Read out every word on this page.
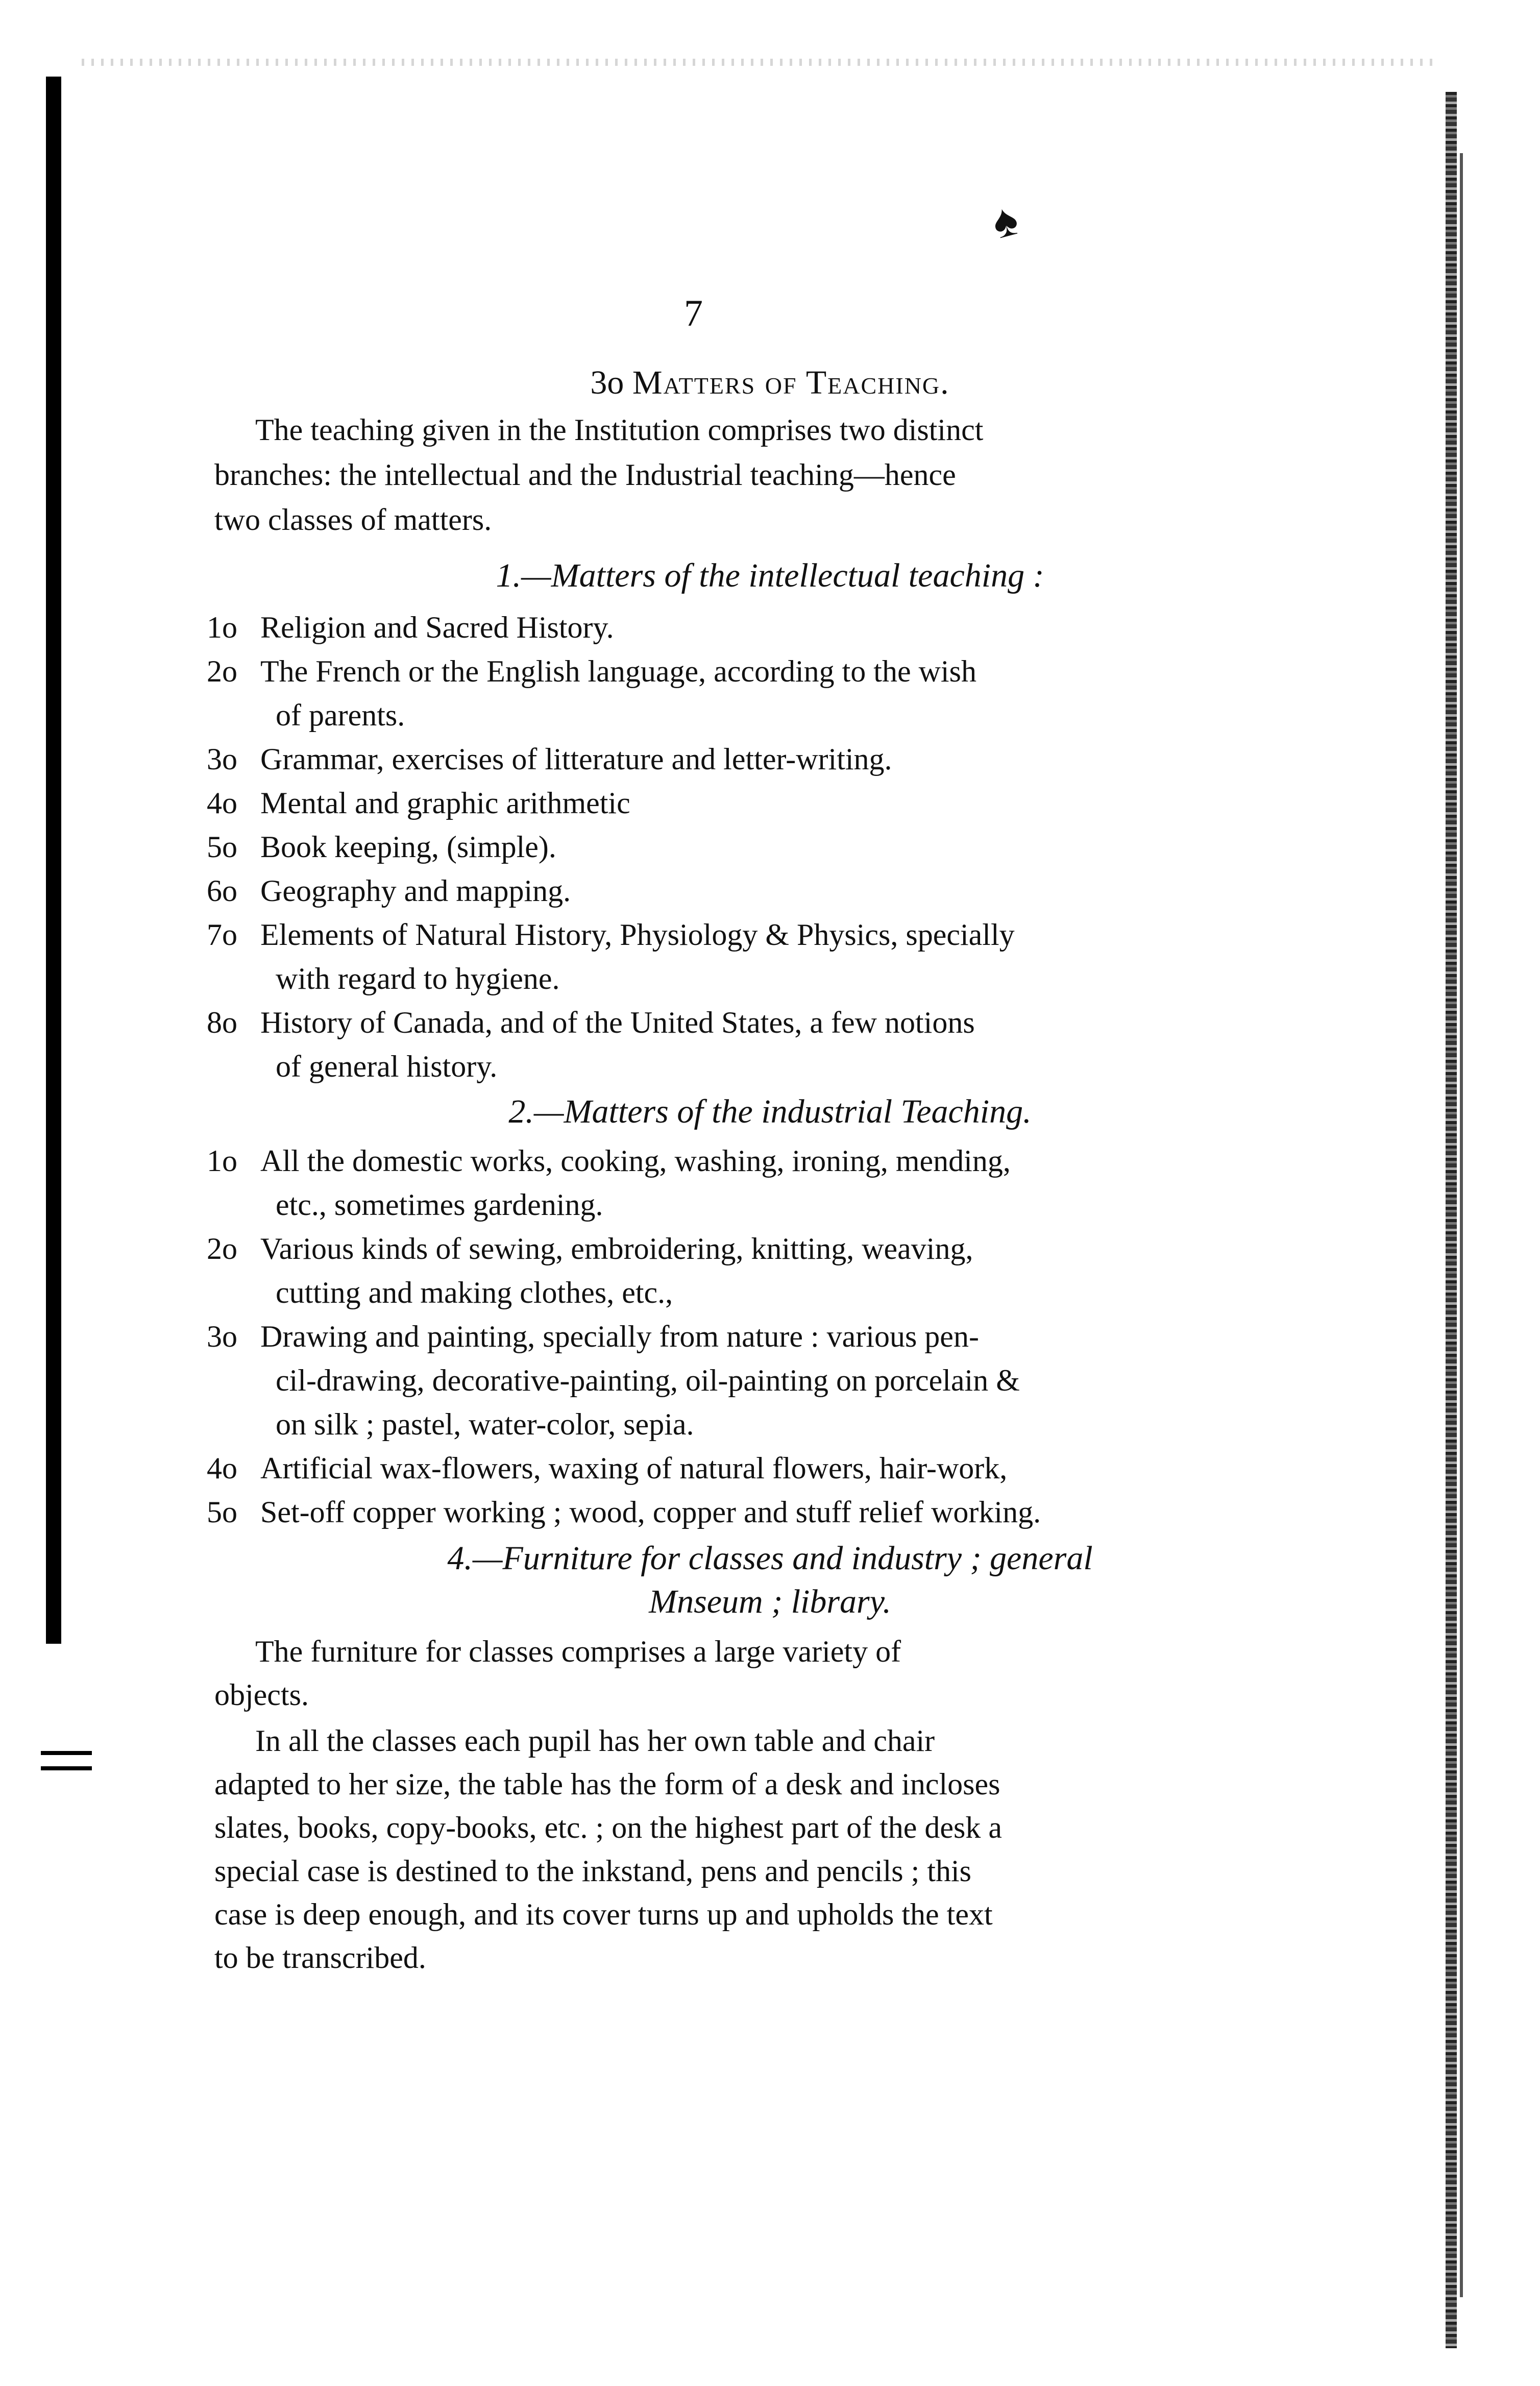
♠
7
3o Matters of Teaching.
The teaching given in the Institution comprises two distinct
branches: the intellectual and the Industrial teaching—hence
two classes of matters.
1.—Matters of the intellectual teaching :
1o Religion and Sacred History.
2o The French or the English language, according to the wish
of parents.
3o Grammar, exercises of litterature and letter-writing.
4o Mental and graphic arithmetic
5o Book keeping, (simple).
6o Geography and mapping.
7o Elements of Natural History, Physiology & Physics, specially
with regard to hygiene.
8o History of Canada, and of the United States, a few notions
of general history.
2.—Matters of the industrial Teaching.
1o All the domestic works, cooking, washing, ironing, mending,
etc., sometimes gardening.
2o Various kinds of sewing, embroidering, knitting, weaving,
cutting and making clothes, etc.,
3o Drawing and painting, specially from nature : various pen-
cil-drawing, decorative-painting, oil-painting on porcelain &
on silk ; pastel, water-color, sepia.
4o Artificial wax-flowers, waxing of natural flowers, hair-work,
5o Set-off copper working ; wood, copper and stuff relief working.
4.—Furniture for classes and industry ; general
Mnseum ; library.
The furniture for classes comprises a large variety of
objects.
In all the classes each pupil has her own table and chair
adapted to her size, the table has the form of a desk and incloses
slates, books, copy-books, etc. ; on the highest part of the desk a
special case is destined to the inkstand, pens and pencils ; this
case is deep enough, and its cover turns up and upholds the text
to be transcribed.
